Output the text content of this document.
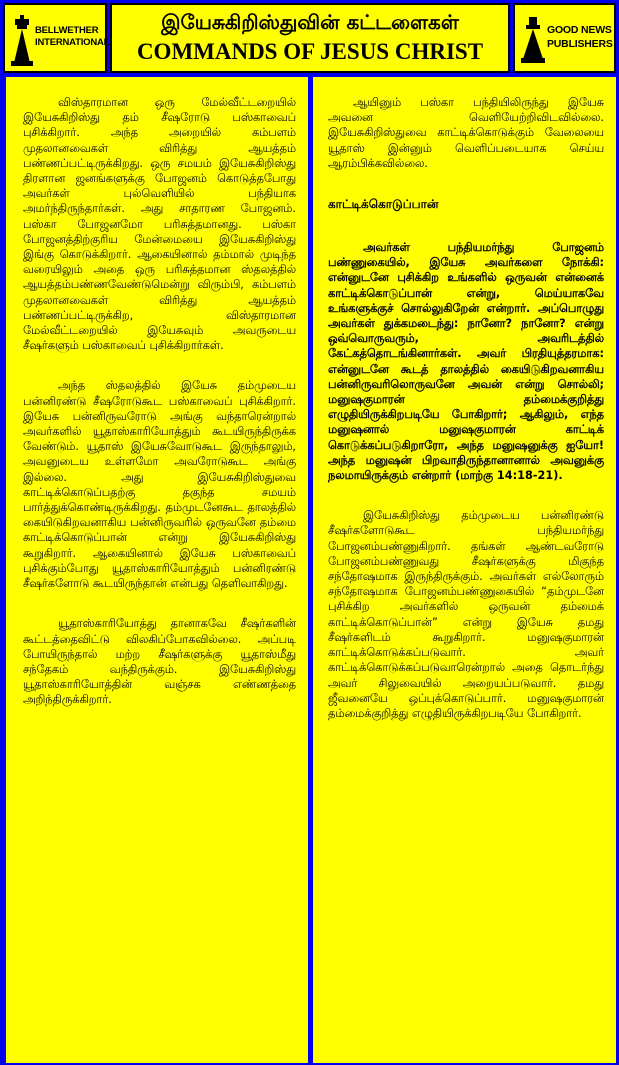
BELLWETHER
INTERNATIONAL
இயேசுகிறிஸ்துவின் கட்டளைகள்
COMMANDS OF JESUS CHRIST
GOOD NEWS
PUBLISHERS

விஸ்தாரமான ஒரு மேல்வீட்டறையில் இயேசுகிறிஸ்து தம் சீஷரோடு பஸ்காவைப் புசிக்கிறார். அந்த அறையில் கம்பளம் முதலானவைகள் விரித்து ஆயத்தம் பண்ணப்பட்டிருக்கிறது. ஒரு சமயம் இயேசுகிறிஸ்து திரளான ஜனங்களுக்கு போஜனம் கொடுத்தபோது அவர்கள் புல்வெளியில் பந்தியாக அமர்ந்திருந்தார்கள். அது சாதாரண போஜனம். பஸ்கா போஜனமோ பரிசுத்தமானது. பஸ்கா போஜனத்திற்குரிய மேன்மையை இயேசுகிறிஸ்து இங்கு கொடுக்கிறார். ஆகையினால் தம்மால் முடிந்த வரையிலும் அதை ஒரு பரிசுத்தமான ஸ்தலத்தில் ஆயத்தம்பண்ணவேண்டுமென்று விரும்பி, கம்பளம் முதலானவைகள் விரித்து ஆயத்தம் பண்ணப்பட்டிருக்கிற, விஸ்தாரமான மேல்வீட்டறையில் இயேசுவும் அவருடைய சீஷர்களும் பஸ்காவைப் புசிக்கிறார்கள்.

அந்த ஸ்தலத்தில் இயேசு தம்முடைய பன்னிரண்டு சீஷரோடுகூட பஸ்காவைப் புசிக்கிறார். இயேசு பன்னிருவரோடு அங்கு வந்தாரென்றால் அவர்களில் யூதாஸ்காரியோத்தும் கூடயிருந்திருக்க வேண்டும். யூதாஸ் இயேசுவோடுகூட இருந்தாலும், அவனுடைய உள்ளமோ அவரோடுகூட அங்கு இல்லை. அது இயேசுகிறிஸ்துவை காட்டிக்கொடுப்பதற்கு தகுந்த சமயம் பார்த்துக்கொண்டிருக்கிறது. தம்முடனேகூட தாலத்தில் கையிடுகிறவனாகிய பன்னிருவரில் ஒருவனே தம்மை காட்டிக்கொடுப்பான் என்று இயேசுகிறிஸ்து கூறுகிறார். ஆகையினால் இயேசு பஸ்காவைப் புசிக்கும்போது யூதாஸ்காரியோத்தும் பன்னிரண்டு சீஷர்களோடு கூடயிருந்தான் என்பது தெளிவாகிறது.

யூதாஸ்காரியோத்து தானாகவே சீஷர்களின் கூட்டத்தைவிட்டு விலகிப்போகவில்லை. அப்படி போயிருந்தால் மற்ற சீஷர்களுக்கு யூதாஸ்மீது சந்தேகம் வந்திருக்கும். இயேசுகிறிஸ்து யூதாஸ்காரியோத்தின் வஞ்சக எண்ணத்தை அறிந்திருக்கிறார்.

ஆயினும் பஸ்கா பந்தியிலிருந்து இயேசு அவனை வெளியேற்றிவிடவில்லை. இயேசுகிறிஸ்துவை காட்டிக்கொடுக்கும் வேலையை யூதாஸ் இன்னும் வெளிப்படையாக செய்ய ஆரம்பிக்கவில்லை.

காட்டிக்கொடுப்பான்

அவர்கள் பந்தியமர்ந்து போஜனம் பண்ணுகையில், இயேசு அவர்களை நோக்கி: என்னுடனே புசிக்கிற உங்களில் ஒருவன் என்னைக் காட்டிக்கொடுப்பான் என்று, மெய்யாகவே உங்களுக்குச் சொல்லுகிறேன் என்றார். அப்பொழுது அவர்கள் துக்கமடைந்து: நானோ? நானோ? என்று ஒவ்வொருவரும், அவரிடத்தில் கேட்கத்தொடங்கினார்கள். அவர் பிரதியுத்தரமாக: என்னுடனே கூடத் தாலத்தில் கையிடுகிறவனாகிய பன்னிருவரிலொருவனே அவன் என்று சொல்லி; மனுஷகுமாரன் தம்மைக்குறித்து எழுதியிருக்கிறபடியே போகிறார்; ஆகிலும், எந்த மனுஷனால் மனுஷகுமாரன் காட்டிக் கொடுக்கப்படுகிறாரோ, அந்த மனுஷனுக்கு ஐயோ! அந்த மனுஷன் பிறவாதிருந்தானானால் அவனுக்கு நலமாயிருக்கும் என்றார் (மாற்கு 14:18-21).

இயேசுகிறிஸ்து தம்முடைய பன்னிரண்டு சீஷர்களோடுகூட பந்தியமர்ந்து போஜனம்பண்ணுகிறார். தங்கள் ஆண்டவரோடு போஜனம்பண்ணுவது சீஷர்களுக்கு மிகுந்த சந்தோஷமாக இருந்திருக்கும். அவர்கள் எல்லோரும் சந்தோஷமாக போஜனம்பண்ணுகையில் “தம்முடனே புசிக்கிற அவர்களில் ஒருவன் தம்மைக் காட்டிக்கொடுப்பான்” என்று இயேசு தமது சீஷர்களிடம் கூறுகிறார். மனுஷகுமாரன் காட்டிக்கொடுக்கப்படுவார். அவர் காட்டிக்கொடுக்கப்படுவாரென்றால் அதை தொடர்ந்து அவர் சிலுவையில் அறையப்படுவார். தமது ஜீவனையே ஒப்புக்கொடுப்பார். மனுஷகுமாரன் தம்மைக்குறித்து எழுதியிருக்கிறபடியே போகிறார்.
